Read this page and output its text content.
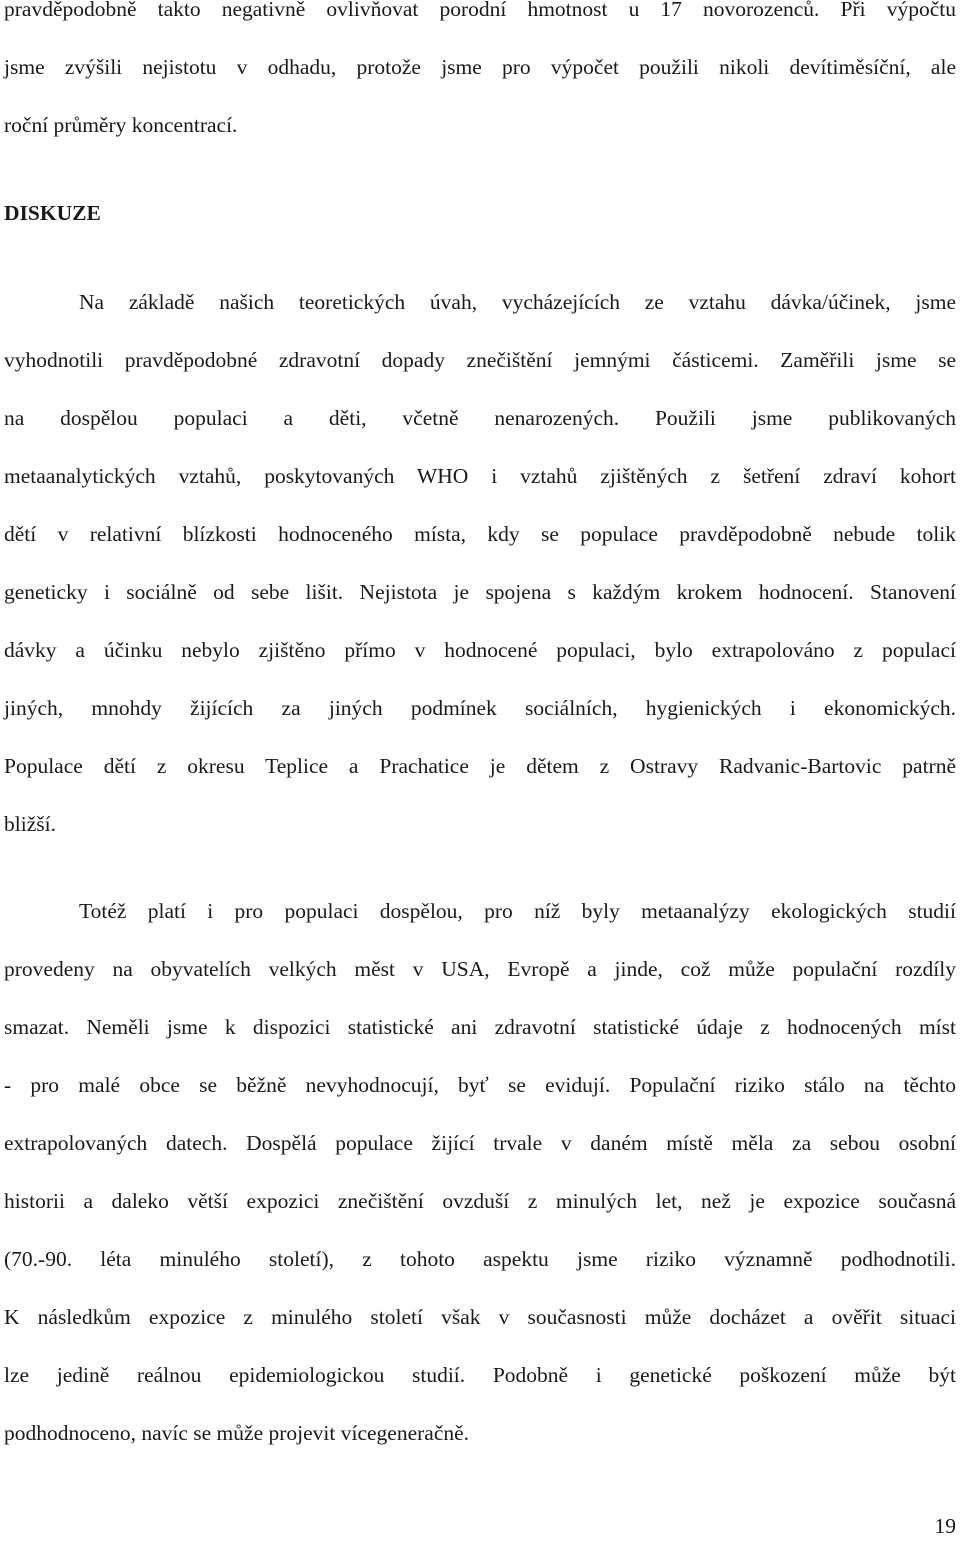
pravděpodobně takto negativně ovlivňovat porodní hmotnost u 17 novorozenců. Při výpočtu
jsme zvýšili nejistotu v odhadu, protože jsme pro výpočet použili nikoli devítiměsíční, ale
roční průměry koncentrací.
DISKUZE
Na základě našich teoretických úvah, vycházejících ze vztahu dávka/účinek, jsme
vyhodnotili pravděpodobné zdravotní dopady znečištění jemnými částicemi. Zaměřili jsme se
na dospělou populaci a děti, včetně nenarozených. Použili jsme publikovaných
metaanalytických vztahů, poskytovaných WHO i vztahů zjištěných z šetření zdraví kohort
dětí v relativní blízkosti hodnoceného místa, kdy se populace pravděpodobně nebude tolik
geneticky i sociálně od sebe lišit. Nejistota je spojena s každým krokem hodnocení. Stanovení
dávky a účinku nebylo zjištěno přímo v hodnocené populaci, bylo extrapolováno z populací
jiných, mnohdy žijících za jiných podmínek sociálních, hygienických i ekonomických.
Populace dětí z okresu Teplice a Prachatice je dětem z Ostravy Radvanic-Bartovic patrně
bližší.
Totéž platí i pro populaci dospělou, pro níž byly metaanalýzy ekologických studií
provedeny na obyvatelích velkých měst v USA, Evropě a jinde, což může populační rozdíly
smazat. Neměli jsme k dispozici statistické ani zdravotní statistické údaje z hodnocených míst
- pro malé obce se běžně nevyhodnocují, byť se evidují. Populační riziko stálo na těchto
extrapolovaných datech. Dospělá populace žijící trvale v daném místě měla za sebou osobní
historii a daleko větší expozici znečištění ovzduší z minulých let, než je expozice současná
(70.-90. léta minulého století), z tohoto aspektu jsme riziko významně podhodnotili.
K následkům expozice z minulého století však v současnosti může docházet a ověřit situaci
lze jedině reálnou epidemiologickou studií. Podobně i genetické poškození může být
podhodnoceno, navíc se může projevit vícegeneračně.
19
